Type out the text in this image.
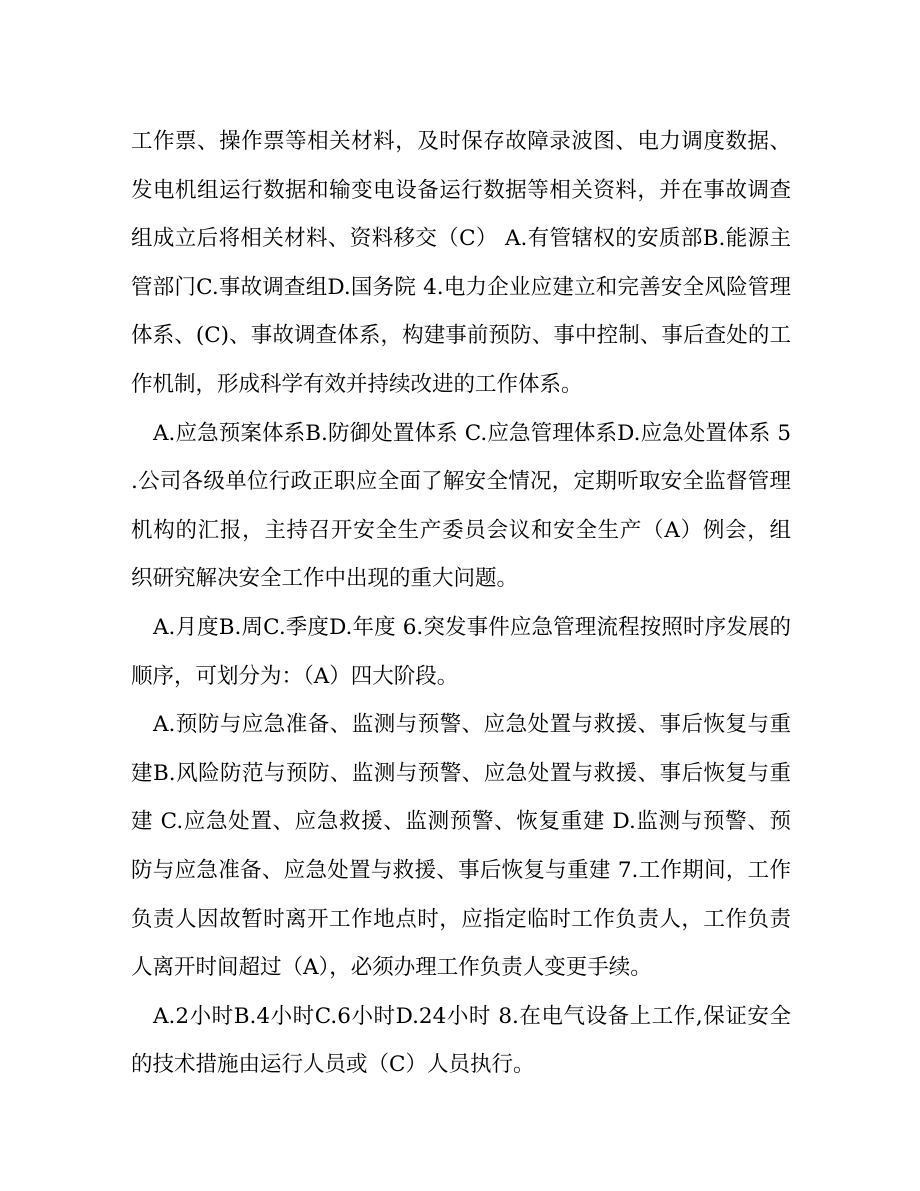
工作票、操作票等相关材料，及时保存故障录波图、电力调度数据、发电机组运行数据和输变电设备运行数据等相关资料，并在事故调查组成立后将相关材料、资料移交（C） A.有管辖权的安质部B.能源主管部门C.事故调查组D.国务院 4.电力企业应建立和完善安全风险管理体系、(C)、事故调查体系，构建事前预防、事中控制、事后查处的工作机制，形成科学有效并持续改进的工作体系。

A.应急预案体系B.防御处置体系 C.应急管理体系D.应急处置体系 5.公司各级单位行政正职应全面了解安全情况，定期听取安全监督管理机构的汇报，主持召开安全生产委员会议和安全生产（A）例会，组织研究解决安全工作中出现的重大问题。

A.月度B.周C.季度D.年度 6.突发事件应急管理流程按照时序发展的顺序，可划分为：（A）四大阶段。

A.预防与应急准备、监测与预警、应急处置与救援、事后恢复与重建B.风险防范与预防、监测与预警、应急处置与救援、事后恢复与重建 C.应急处置、应急救援、监测预警、恢复重建 D.监测与预警、预防与应急准备、应急处置与救援、事后恢复与重建 7.工作期间，工作负责人因故暂时离开工作地点时，应指定临时工作负责人，工作负责人离开时间超过（A），必须办理工作负责人变更手续。

A.2小时B.4小时C.6小时D.24小时 8.在电气设备上工作,保证安全的技术措施由运行人员或（C）人员执行。
